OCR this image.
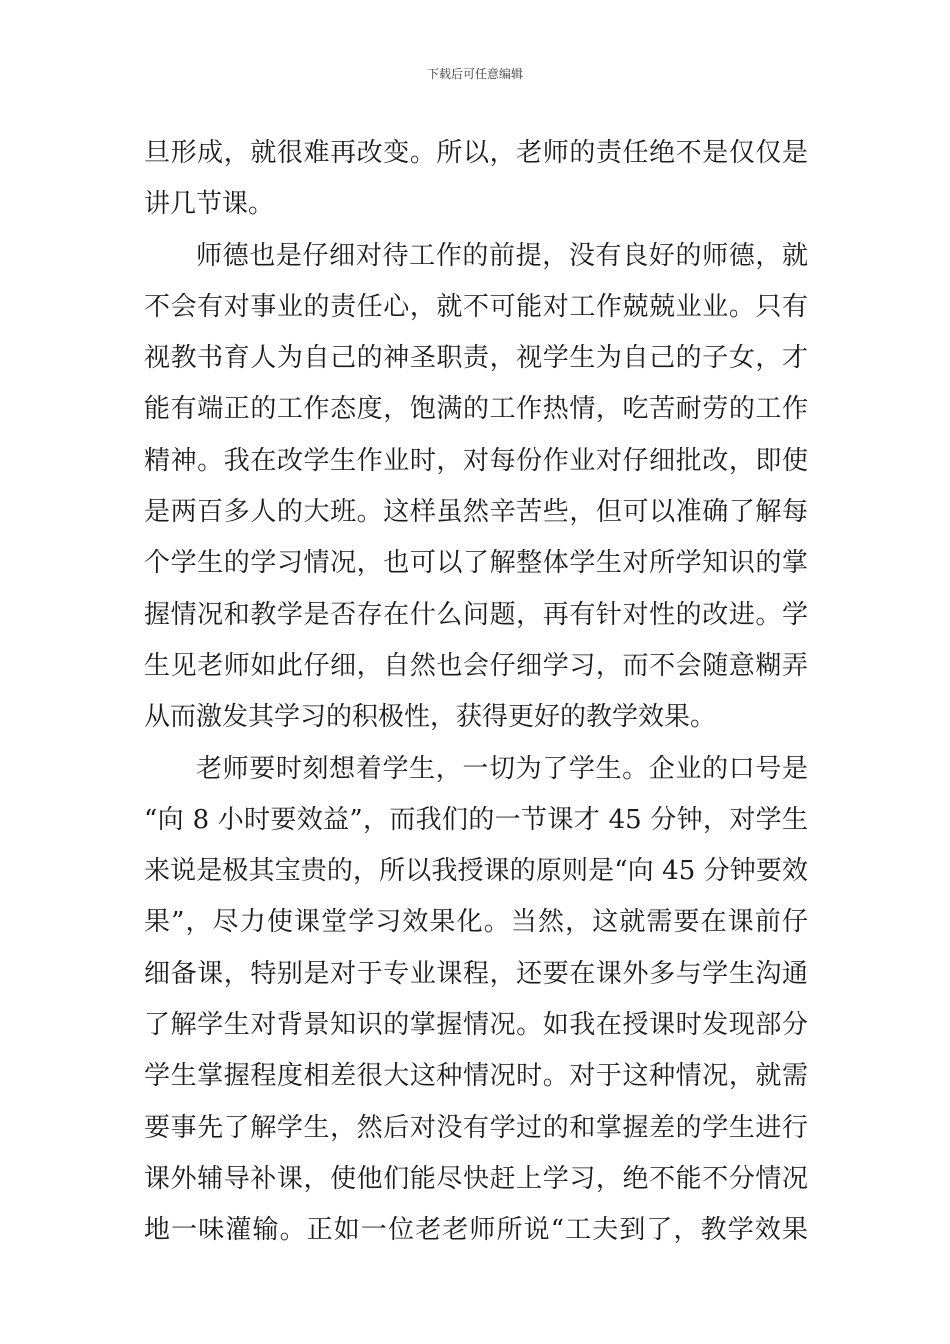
下载后可任意编辑
旦形成，就很难再改变。所以，老师的责任绝不是仅仅是
讲几节课。
师德也是仔细对待工作的前提，没有良好的师德，就
不会有对事业的责任心，就不可能对工作兢兢业业。只有
视教书育人为自己的神圣职责，视学生为自己的子女，才
能有端正的工作态度，饱满的工作热情，吃苦耐劳的工作
精神。我在改学生作业时，对每份作业对仔细批改，即使
是两百多人的大班。这样虽然辛苦些，但可以准确了解每
个学生的学习情况，也可以了解整体学生对所学知识的掌
握情况和教学是否存在什么问题，再有针对性的改进。学
生见老师如此仔细，自然也会仔细学习，而不会随意糊弄
从而激发其学习的积极性，获得更好的教学效果。
老师要时刻想着学生，一切为了学生。企业的口号是
“向 8 小时要效益”，而我们的一节课才 45 分钟，对学生
来说是极其宝贵的，所以我授课的原则是“向 45 分钟要效
果”，尽力使课堂学习效果化。当然，这就需要在课前仔
细备课，特别是对于专业课程，还要在课外多与学生沟通
了解学生对背景知识的掌握情况。如我在授课时发现部分
学生掌握程度相差很大这种情况时。对于这种情况，就需
要事先了解学生，然后对没有学过的和掌握差的学生进行
课外辅导补课，使他们能尽快赶上学习，绝不能不分情况
地一味灌输。正如一位老老师所说“工夫到了，教学效果
